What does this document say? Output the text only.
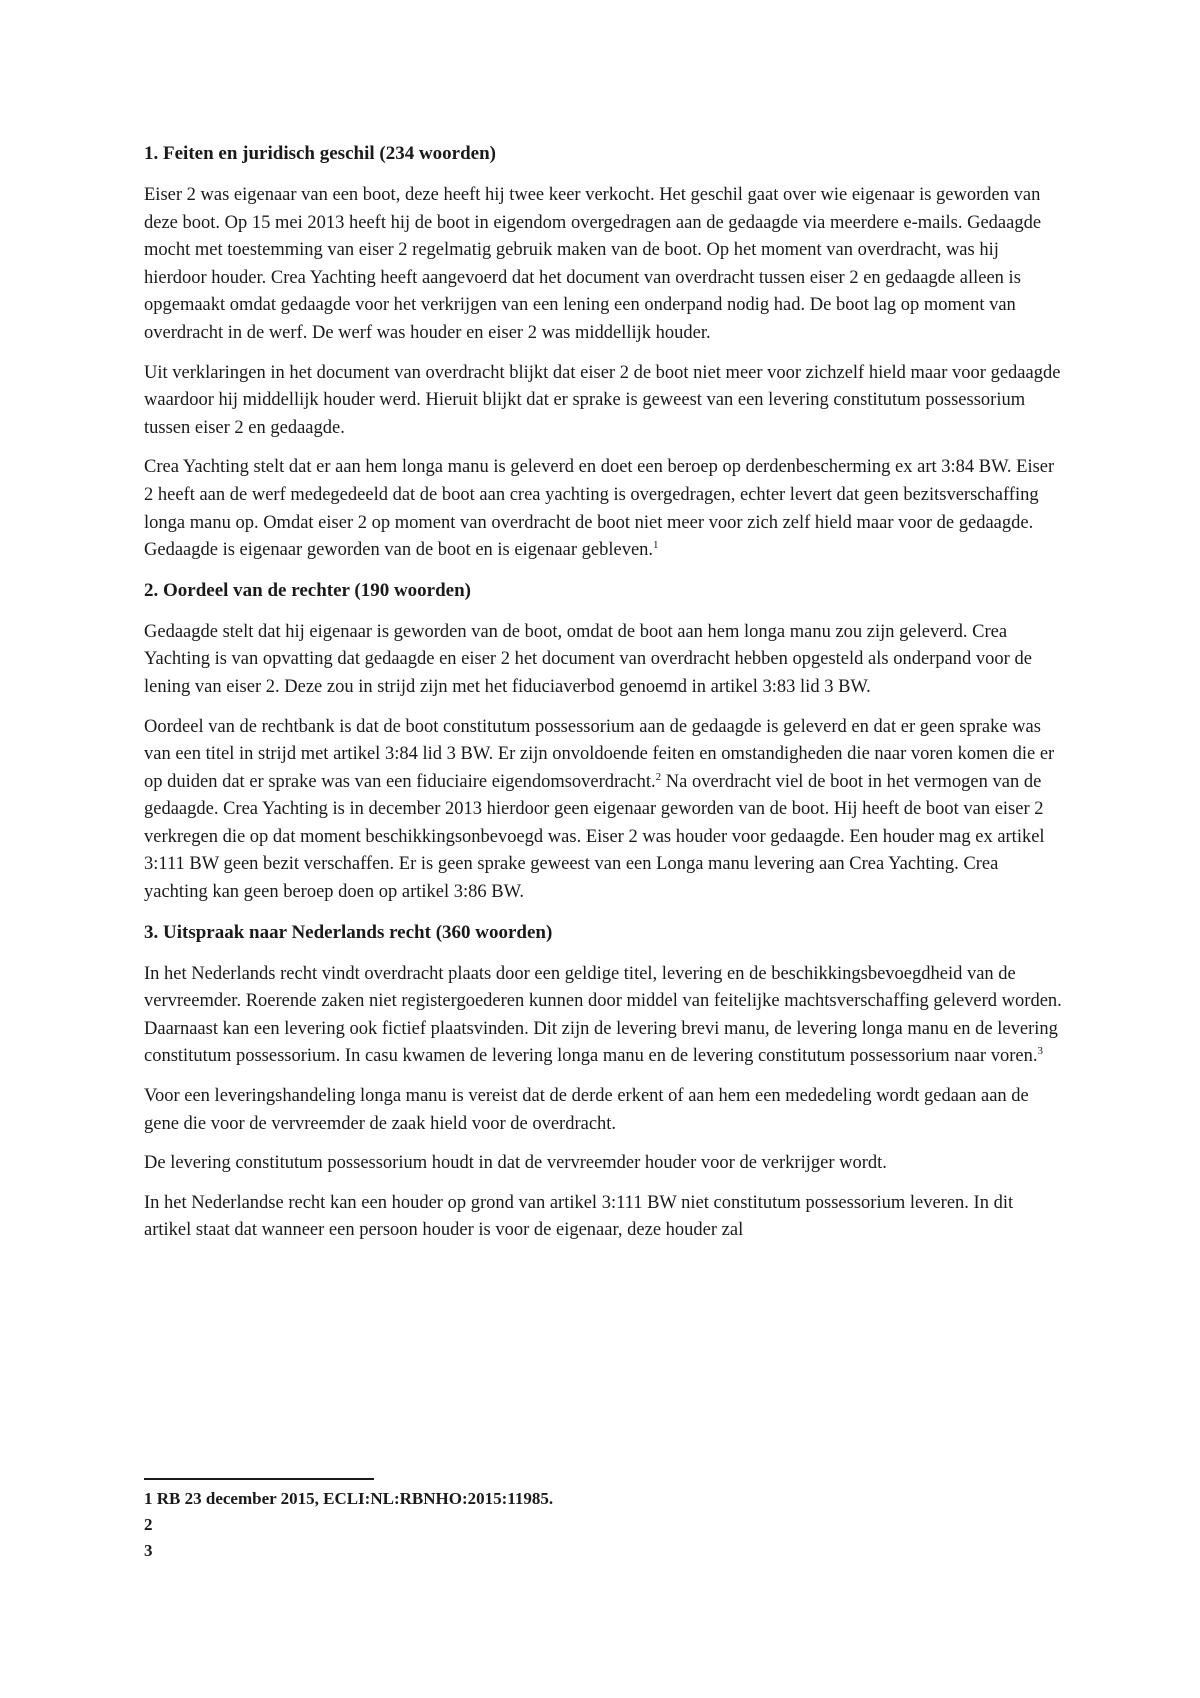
1. Feiten en juridisch geschil (234 woorden)

Eiser 2 was eigenaar van een boot, deze heeft hij twee keer verkocht. Het geschil gaat over wie eigenaar is geworden van deze boot. Op 15 mei 2013 heeft hij de boot in eigendom overgedragen aan de gedaagde via meerdere e-mails. Gedaagde mocht met toestemming van eiser 2 regelmatig gebruik maken van de boot. Op het moment van overdracht, was hij hierdoor houder. Crea Yachting heeft aangevoerd dat het document van overdracht tussen eiser 2 en gedaagde alleen is opgemaakt omdat gedaagde voor het verkrijgen van een lening een onderpand nodig had. De boot lag op moment van overdracht in de werf. De werf was houder en eiser 2 was middellijk houder.

Uit verklaringen in het document van overdracht blijkt dat eiser 2 de boot niet meer voor zichzelf hield maar voor gedaagde waardoor hij middellijk houder werd. Hieruit blijkt dat er sprake is geweest van een levering constitutum possessorium tussen eiser 2 en gedaagde.

Crea Yachting stelt dat er aan hem longa manu is geleverd en doet een beroep op derdenbescherming ex art 3:84 BW. Eiser 2 heeft aan de werf medegedeeld dat de boot aan crea yachting is overgedragen, echter levert dat geen bezitsverschaffing longa manu op. Omdat eiser 2 op moment van overdracht de boot niet meer voor zich zelf hield maar voor de gedaagde. Gedaagde is eigenaar geworden van de boot en is eigenaar gebleven.$^1$

2. Oordeel van de rechter (190 woorden)

Gedaagde stelt dat hij eigenaar is geworden van de boot, omdat de boot aan hem longa manu zou zijn geleverd. Crea Yachting is van opvatting dat gedaagde en eiser 2 het document van overdracht hebben opgesteld als onderpand voor de lening van eiser 2. Deze zou in strijd zijn met het fiduciaverbod genoemd in artikel 3:83 lid 3 BW.

Oordeel van de rechtbank is dat de boot constitutum possessorium aan de gedaagde is geleverd en dat er geen sprake was van een titel in strijd met artikel 3:84 lid 3 BW. Er zijn onvoldoende feiten en omstandigheden die naar voren komen die er op duiden dat er sprake was van een fiduciaire eigendomsoverdracht.$^2$ Na overdracht viel de boot in het vermogen van de gedaagde. Crea Yachting is in december 2013 hierdoor geen eigenaar geworden van de boot. Hij heeft de boot van eiser 2 verkregen die op dat moment beschikkingsonbevoegd was. Eiser 2 was houder voor gedaagde. Een houder mag ex artikel 3:111 BW geen bezit verschaffen. Er is geen sprake geweest van een Longa manu levering aan Crea Yachting. Crea yachting kan geen beroep doen op artikel 3:86 BW.

3. Uitspraak naar Nederlands recht (360 woorden)

In het Nederlands recht vindt overdracht plaats door een geldige titel, levering en de beschikkingsbevoegdheid van de vervreemder. Roerende zaken niet registergoederen kunnen door middel van feitelijke machtsverschaffing geleverd worden. Daarnaast kan een levering ook fictief plaatsvinden. Dit zijn de levering brevi manu, de levering longa manu en de levering constitutum possessorium. In casu kwamen de levering longa manu en de levering constitutum possessorium naar voren.$^3$

Voor een leveringshandeling longa manu is vereist dat de derde erkent of aan hem een mededeling wordt gedaan aan de gene die voor de vervreemder de zaak hield voor de overdracht.

De levering constitutum possessorium houdt in dat de vervreemder houder voor de verkrijger wordt.

In het Nederlandse recht kan een houder op grond van artikel 3:111 BW niet constitutum possessorium leveren. In dit artikel staat dat wanneer een persoon houder is voor de eigenaar, deze houder zal

1 RB 23 december 2015, ECLI:NL:RBNHO:2015:11985.

2

3
